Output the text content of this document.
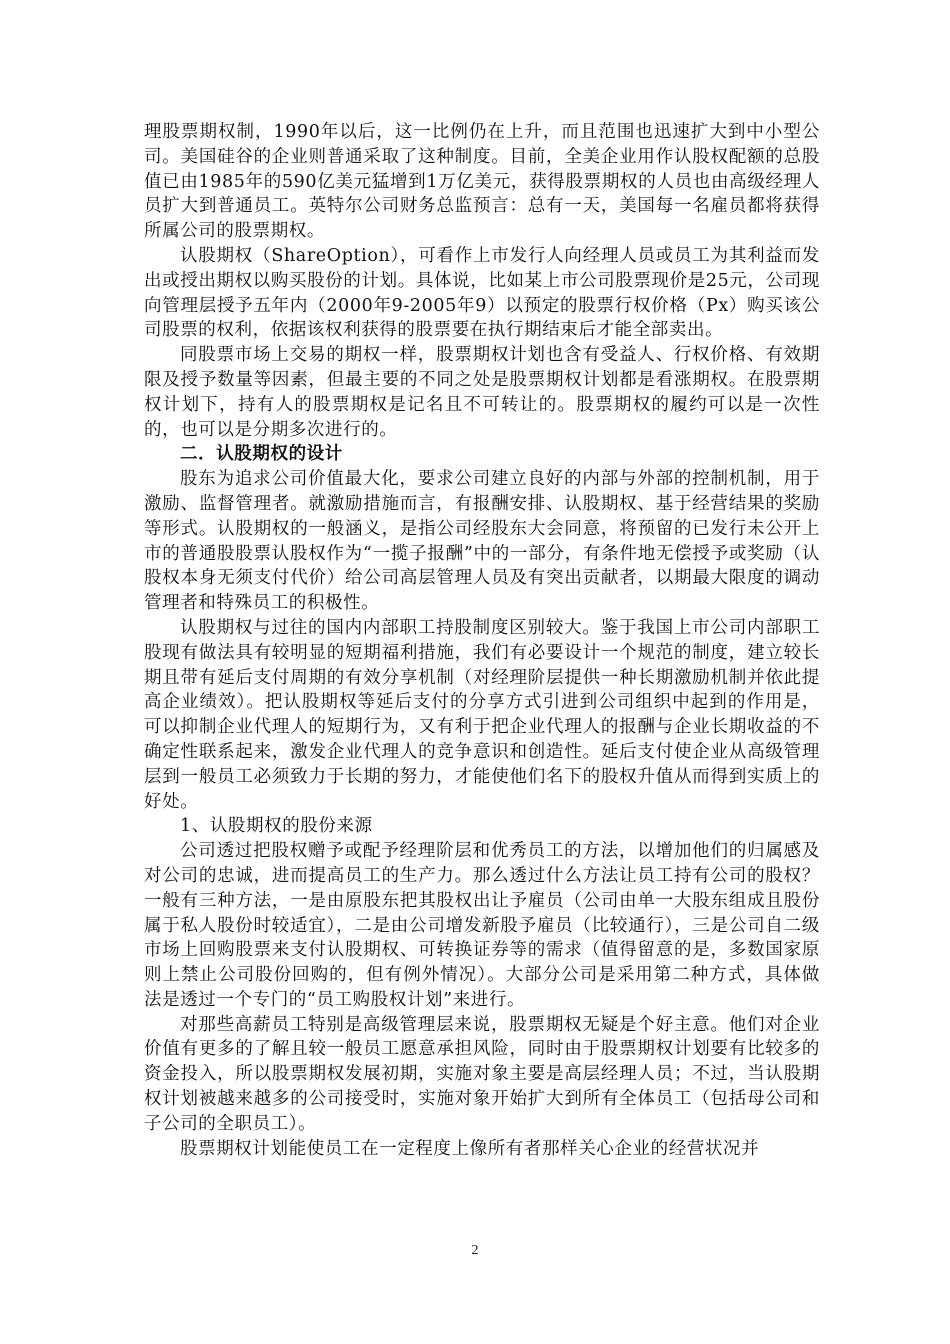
理股票期权制，1990年以后，这一比例仍在上升，而且范围也迅速扩大到中小型公司。美国硅谷的企业则普通采取了这种制度。目前，全美企业用作认股权配额的总股值已由1985年的590亿美元猛增到1万亿美元，获得股票期权的人员也由高级经理人员扩大到普通员工。英特尔公司财务总监预言：总有一天，美国每一名雇员都将获得所属公司的股票期权。

认股期权（ShareOption），可看作上市发行人向经理人员或员工为其利益而发出或授出期权以购买股份的计划。具体说，比如某上市公司股票现价是25元，公司现向管理层授予五年内（2000年9-2005年9）以预定的股票行权价格（Px）购买该公司股票的权利，依据该权利获得的股票要在执行期结束后才能全部卖出。

同股票市场上交易的期权一样，股票期权计划也含有受益人、行权价格、有效期限及授予数量等因素，但最主要的不同之处是股票期权计划都是看涨期权。在股票期权计划下，持有人的股票期权是记名且不可转让的。股票期权的履约可以是一次性的，也可以是分期多次进行的。

二．认股期权的设计

股东为追求公司价值最大化，要求公司建立良好的内部与外部的控制机制，用于激励、监督管理者。就激励措施而言，有报酬安排、认股期权、基于经营结果的奖励等形式。认股期权的一般涵义，是指公司经股东大会同意，将预留的已发行未公开上市的普通股股票认股权作为“一揽子报酬”中的一部分，有条件地无偿授予或奖励（认股权本身无须支付代价）给公司高层管理人员及有突出贡献者，以期最大限度的调动管理者和特殊员工的积极性。

认股期权与过往的国内内部职工持股制度区别较大。鉴于我国上市公司内部职工股现有做法具有较明显的短期福利措施，我们有必要设计一个规范的制度，建立较长期且带有延后支付周期的有效分享机制（对经理阶层提供一种长期激励机制并依此提高企业绩效）。把认股期权等延后支付的分享方式引进到公司组织中起到的作用是，可以抑制企业代理人的短期行为，又有利于把企业代理人的报酬与企业长期收益的不确定性联系起来，激发企业代理人的竞争意识和创造性。延后支付使企业从高级管理层到一般员工必须致力于长期的努力，才能使他们名下的股权升值从而得到实质上的好处。

1、认股期权的股份来源

公司透过把股权赠予或配予经理阶层和优秀员工的方法，以增加他们的归属感及对公司的忠诚，进而提高员工的生产力。那么透过什么方法让员工持有公司的股权？一般有三种方法，一是由原股东把其股权出让予雇员（公司由单一大股东组成且股份属于私人股份时较适宜），二是由公司增发新股予雇员（比较通行），三是公司自二级市场上回购股票来支付认股期权、可转换证券等的需求（值得留意的是，多数国家原则上禁止公司股份回购的，但有例外情况）。大部分公司是采用第二种方式，具体做法是透过一个专门的“员工购股权计划”来进行。

对那些高薪员工特别是高级管理层来说，股票期权无疑是个好主意。他们对企业价值有更多的了解且较一般员工愿意承担风险，同时由于股票期权计划要有比较多的资金投入，所以股票期权发展初期，实施对象主要是高层经理人员；不过，当认股期权计划被越来越多的公司接受时，实施对象开始扩大到所有全体员工（包括母公司和子公司的全职员工）。

股票期权计划能使员工在一定程度上像所有者那样关心企业的经营状况并

2
